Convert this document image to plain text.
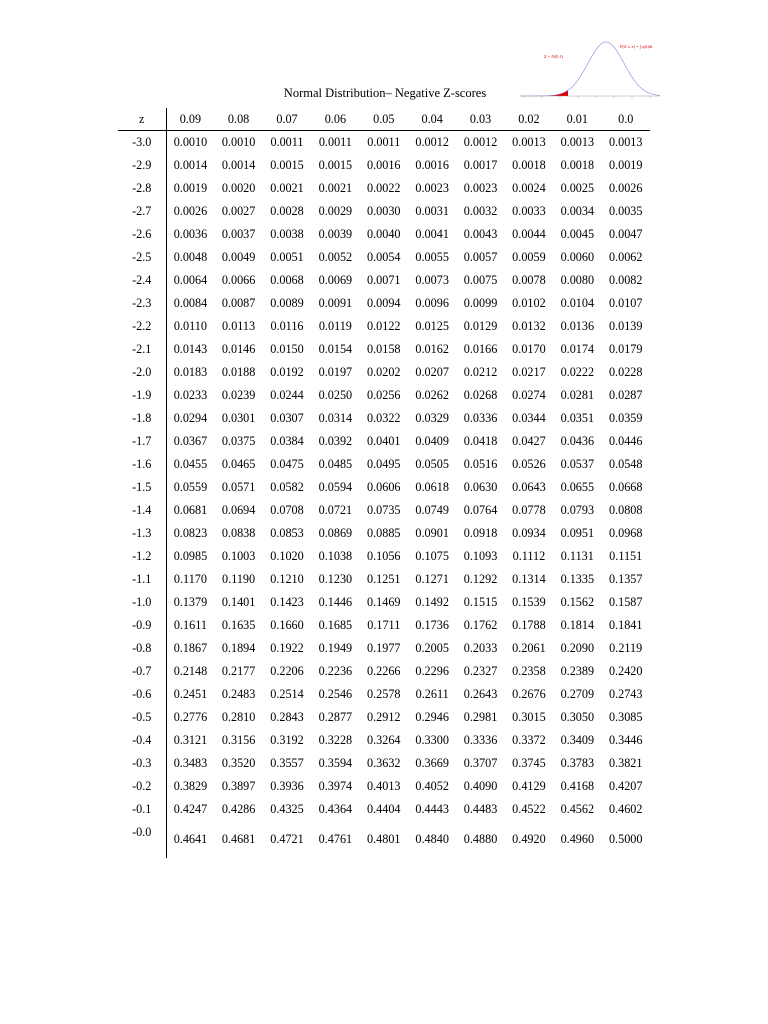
Z ~ N(0,1)
P(Z ≤ z) = ∫ φ(t)dt
Normal Distribution– Negative Z-scores
z	0.09	0.08	0.07	0.06	0.05	0.04	0.03	0.02	0.01	0.0
-3.0	0.0010	0.0010	0.0011	0.0011	0.0011	0.0012	0.0012	0.0013	0.0013	0.0013
-2.9	0.0014	0.0014	0.0015	0.0015	0.0016	0.0016	0.0017	0.0018	0.0018	0.0019
-2.8	0.0019	0.0020	0.0021	0.0021	0.0022	0.0023	0.0023	0.0024	0.0025	0.0026
-2.7	0.0026	0.0027	0.0028	0.0029	0.0030	0.0031	0.0032	0.0033	0.0034	0.0035
-2.6	0.0036	0.0037	0.0038	0.0039	0.0040	0.0041	0.0043	0.0044	0.0045	0.0047
-2.5	0.0048	0.0049	0.0051	0.0052	0.0054	0.0055	0.0057	0.0059	0.0060	0.0062
-2.4	0.0064	0.0066	0.0068	0.0069	0.0071	0.0073	0.0075	0.0078	0.0080	0.0082
-2.3	0.0084	0.0087	0.0089	0.0091	0.0094	0.0096	0.0099	0.0102	0.0104	0.0107
-2.2	0.0110	0.0113	0.0116	0.0119	0.0122	0.0125	0.0129	0.0132	0.0136	0.0139
-2.1	0.0143	0.0146	0.0150	0.0154	0.0158	0.0162	0.0166	0.0170	0.0174	0.0179
-2.0	0.0183	0.0188	0.0192	0.0197	0.0202	0.0207	0.0212	0.0217	0.0222	0.0228
-1.9	0.0233	0.0239	0.0244	0.0250	0.0256	0.0262	0.0268	0.0274	0.0281	0.0287
-1.8	0.0294	0.0301	0.0307	0.0314	0.0322	0.0329	0.0336	0.0344	0.0351	0.0359
-1.7	0.0367	0.0375	0.0384	0.0392	0.0401	0.0409	0.0418	0.0427	0.0436	0.0446
-1.6	0.0455	0.0465	0.0475	0.0485	0.0495	0.0505	0.0516	0.0526	0.0537	0.0548
-1.5	0.0559	0.0571	0.0582	0.0594	0.0606	0.0618	0.0630	0.0643	0.0655	0.0668
-1.4	0.0681	0.0694	0.0708	0.0721	0.0735	0.0749	0.0764	0.0778	0.0793	0.0808
-1.3	0.0823	0.0838	0.0853	0.0869	0.0885	0.0901	0.0918	0.0934	0.0951	0.0968
-1.2	0.0985	0.1003	0.1020	0.1038	0.1056	0.1075	0.1093	0.1112	0.1131	0.1151
-1.1	0.1170	0.1190	0.1210	0.1230	0.1251	0.1271	0.1292	0.1314	0.1335	0.1357
-1.0	0.1379	0.1401	0.1423	0.1446	0.1469	0.1492	0.1515	0.1539	0.1562	0.1587
-0.9	0.1611	0.1635	0.1660	0.1685	0.1711	0.1736	0.1762	0.1788	0.1814	0.1841
-0.8	0.1867	0.1894	0.1922	0.1949	0.1977	0.2005	0.2033	0.2061	0.2090	0.2119
-0.7	0.2148	0.2177	0.2206	0.2236	0.2266	0.2296	0.2327	0.2358	0.2389	0.2420
-0.6	0.2451	0.2483	0.2514	0.2546	0.2578	0.2611	0.2643	0.2676	0.2709	0.2743
-0.5	0.2776	0.2810	0.2843	0.2877	0.2912	0.2946	0.2981	0.3015	0.3050	0.3085
-0.4	0.3121	0.3156	0.3192	0.3228	0.3264	0.3300	0.3336	0.3372	0.3409	0.3446
-0.3	0.3483	0.3520	0.3557	0.3594	0.3632	0.3669	0.3707	0.3745	0.3783	0.3821
-0.2	0.3829	0.3897	0.3936	0.3974	0.4013	0.4052	0.4090	0.4129	0.4168	0.4207
-0.1	0.4247	0.4286	0.4325	0.4364	0.4404	0.4443	0.4483	0.4522	0.4562	0.4602
-0.0	0.4641	0.4681	0.4721	0.4761	0.4801	0.4840	0.4880	0.4920	0.4960	0.5000
